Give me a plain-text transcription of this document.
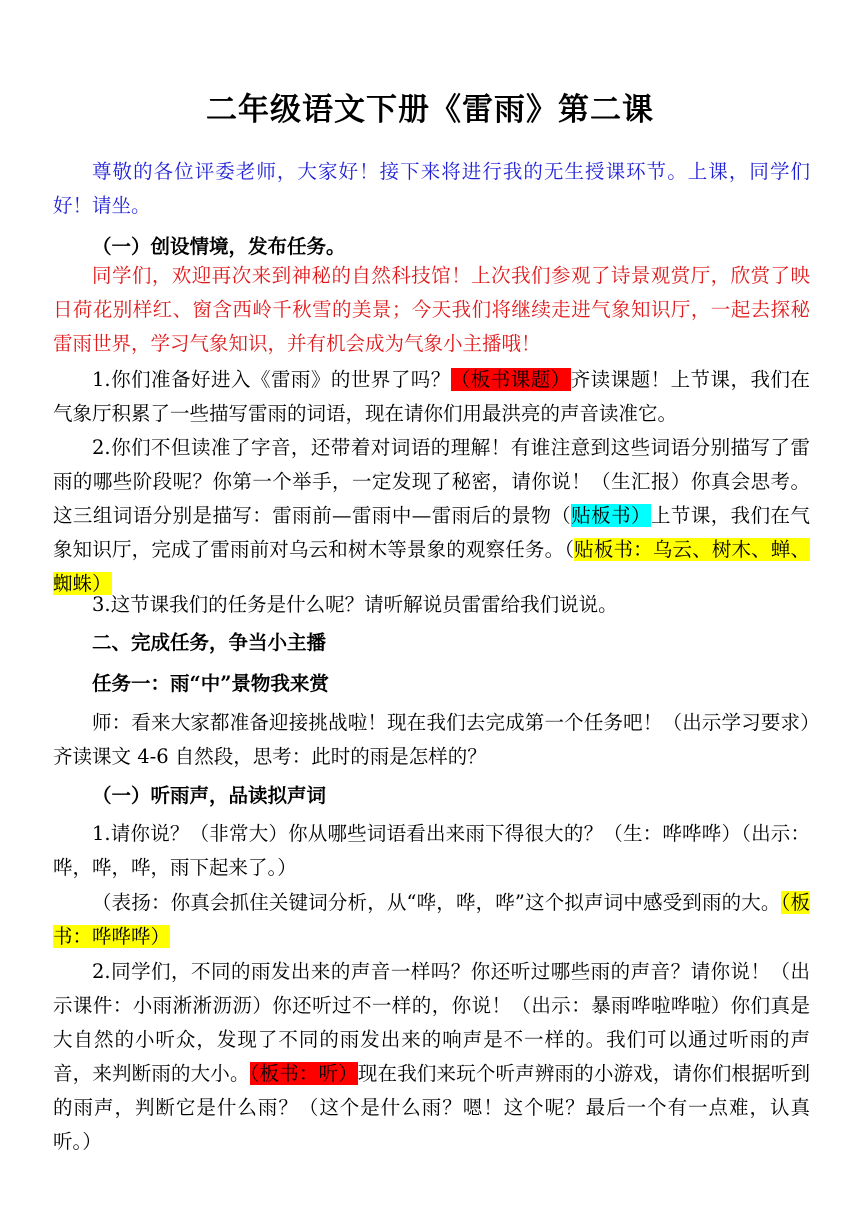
二年级语文下册《雷雨》第二课

尊敬的各位评委老师，大家好！接下来将进行我的无生授课环节。上课，同学们好！请坐。

（一）创设情境，发布任务。

同学们，欢迎再次来到神秘的自然科技馆！上次我们参观了诗景观赏厅，欣赏了映日荷花别样红、窗含西岭千秋雪的美景；今天我们将继续走进气象知识厅，一起去探秘雷雨世界，学习气象知识，并有机会成为气象小主播哦！

1.你们准备好进入《雷雨》的世界了吗？（板书课题）齐读课题！上节课，我们在气象厅积累了一些描写雷雨的词语，现在请你们用最洪亮的声音读准它。

2.你们不但读准了字音，还带着对词语的理解！有谁注意到这些词语分别描写了雷雨的哪些阶段呢？你第一个举手，一定发现了秘密，请你说！（生汇报）你真会思考。这三组词语分别是描写：雷雨前—雷雨中—雷雨后的景物（贴板书）上节课，我们在气象知识厅，完成了雷雨前对乌云和树木等景象的观察任务。（贴板书：乌云、树木、蝉、蜘蛛）

3.这节课我们的任务是什么呢？请听解说员雷雷给我们说说。

二、完成任务，争当小主播

任务一：雨“中”景物我来赏

师：看来大家都准备迎接挑战啦！现在我们去完成第一个任务吧！（出示学习要求）齐读课文 4-6 自然段，思考：此时的雨是怎样的？

（一）听雨声，品读拟声词

1.请你说？（非常大）你从哪些词语看出来雨下得很大的？（生：哗哗哗）（出示：哗，哗，哗，雨下起来了。）

（表扬：你真会抓住关键词分析，从“哗，哗，哗”这个拟声词中感受到雨的大。（板书：哗哗哗）

2.同学们，不同的雨发出来的声音一样吗？你还听过哪些雨的声音？请你说！（出示课件：小雨淅淅沥沥）你还听过不一样的，你说！（出示：暴雨哗啦哗啦）你们真是大自然的小听众，发现了不同的雨发出来的响声是不一样的。我们可以通过听雨的声音，来判断雨的大小。（板书：听）现在我们来玩个听声辨雨的小游戏，请你们根据听到的雨声，判断它是什么雨？（这个是什么雨？嗯！这个呢？最后一个有一点难，认真听。）
